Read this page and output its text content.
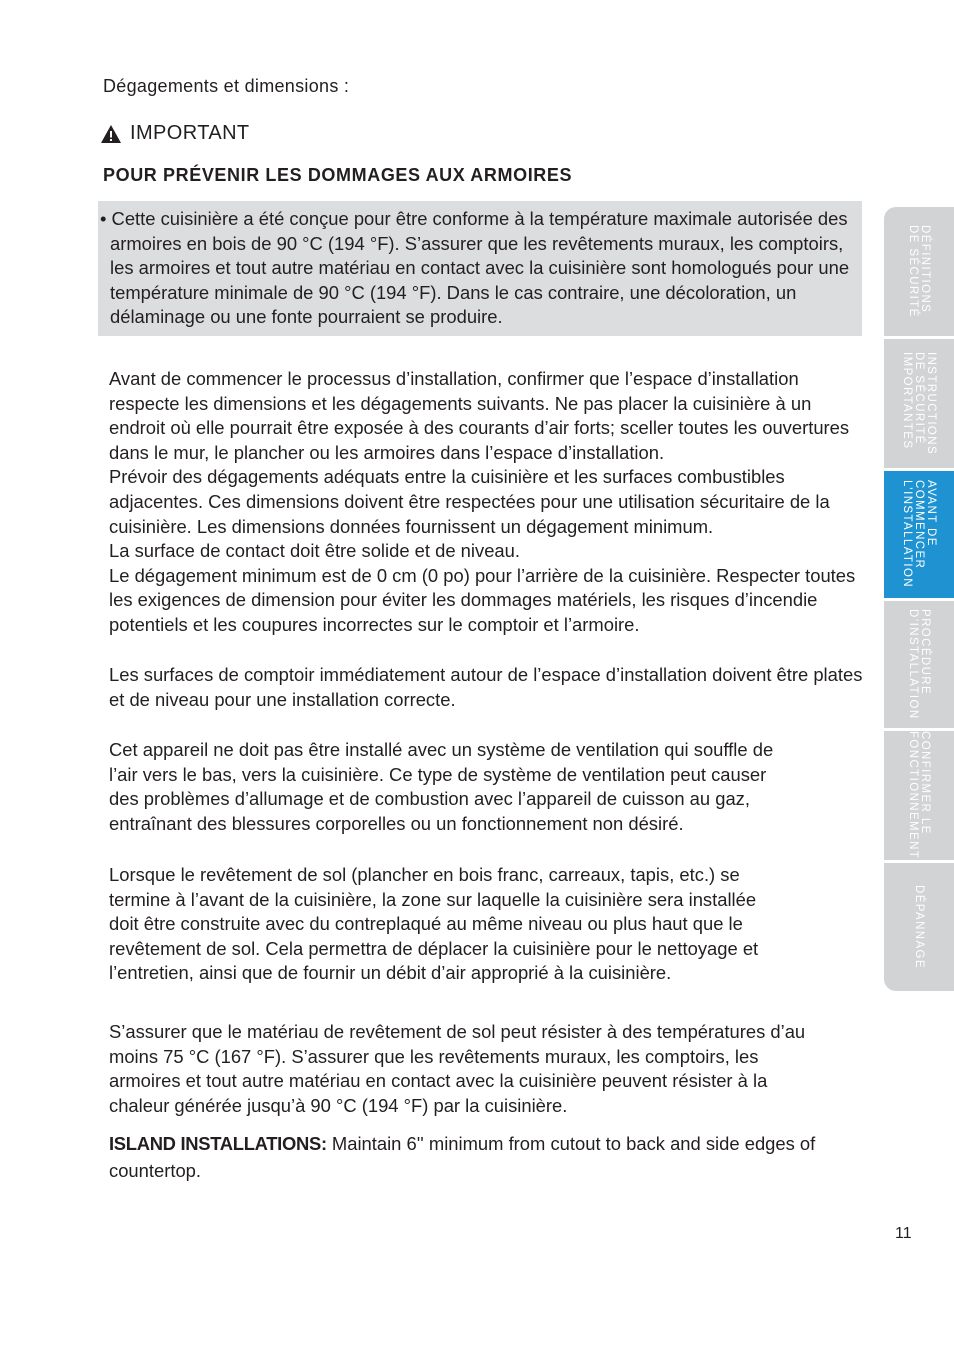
Dégagements et dimensions :
IMPORTANT
POUR PRÉVENIR LES DOMMAGES AUX ARMOIRES

• Cette cuisinière a été conçue pour être conforme à la température maximale autorisée des armoires en bois de 90 °C (194 °F). S’assurer que les revêtements muraux, les comptoirs, les armoires et tout autre matériau en contact avec la cuisinière sont homologués pour une température minimale de 90 °C (194 °F). Dans le cas contraire, une décoloration, un délaminage ou une fonte pourraient se produire.

Avant de commencer le processus d’installation, confirmer que l’espace d’installation respecte les dimensions et les dégagements suivants. Ne pas placer la cuisinière à un endroit où elle pourrait être exposée à des courants d’air forts; sceller toutes les ouvertures dans le mur, le plancher ou les armoires dans l’espace d’installation.

Prévoir des dégagements adéquats entre la cuisinière et les surfaces combustibles adjacentes. Ces dimensions doivent être respectées pour une utilisation sécuritaire de la cuisinière. Les dimensions données fournissent un dégagement minimum.

La surface de contact doit être solide et de niveau.

Le dégagement minimum est de 0 cm (0 po) pour l’arrière de la cuisinière. Respecter toutes les exigences de dimension pour éviter les dommages matériels, les risques d’incendie potentiels et les coupures incorrectes sur le comptoir et l’armoire.

Les surfaces de comptoir immédiatement autour de l’espace d’installation doivent être plates et de niveau pour une installation correcte.

Cet appareil ne doit pas être installé avec un système de ventilation qui souffle de l’air vers le bas, vers la cuisinière. Ce type de système de ventilation peut causer des problèmes d’allumage et de combustion avec l’appareil de cuisson au gaz, entraînant des blessures corporelles ou un fonctionnement non désiré.

Lorsque le revêtement de sol (plancher en bois franc, carreaux, tapis, etc.) se termine à l’avant de la cuisinière, la zone sur laquelle la cuisinière sera installée doit être construite avec du contreplaqué au même niveau ou plus haut que le revêtement de sol. Cela permettra de déplacer la cuisinière pour le nettoyage et l’entretien, ainsi que de fournir un débit d’air approprié à la cuisinière.

S’assurer que le matériau de revêtement de sol peut résister à des températures d’au moins 75 °C (167 °F). S’assurer que les revêtements muraux, les comptoirs, les armoires et tout autre matériau en contact avec la cuisinière peuvent résister à la chaleur générée jusqu’à 90 °C (194 °F) par la cuisinière.

ISLAND INSTALLATIONS: Maintain 6'' minimum from cutout to back and side edges of countertop.
DÉFINITIONS
DE SÉCURITÉ
INSTRUCTIONS
DE SÉCURITÉ
IMPORTANTES
AVANT DE
COMMENCER
L’INSTALLATION
PROCÉDURE
D’INSTALLATION
CONFIRMER LE
FONCTIONNEMENT
DÉPANNAGE
11
